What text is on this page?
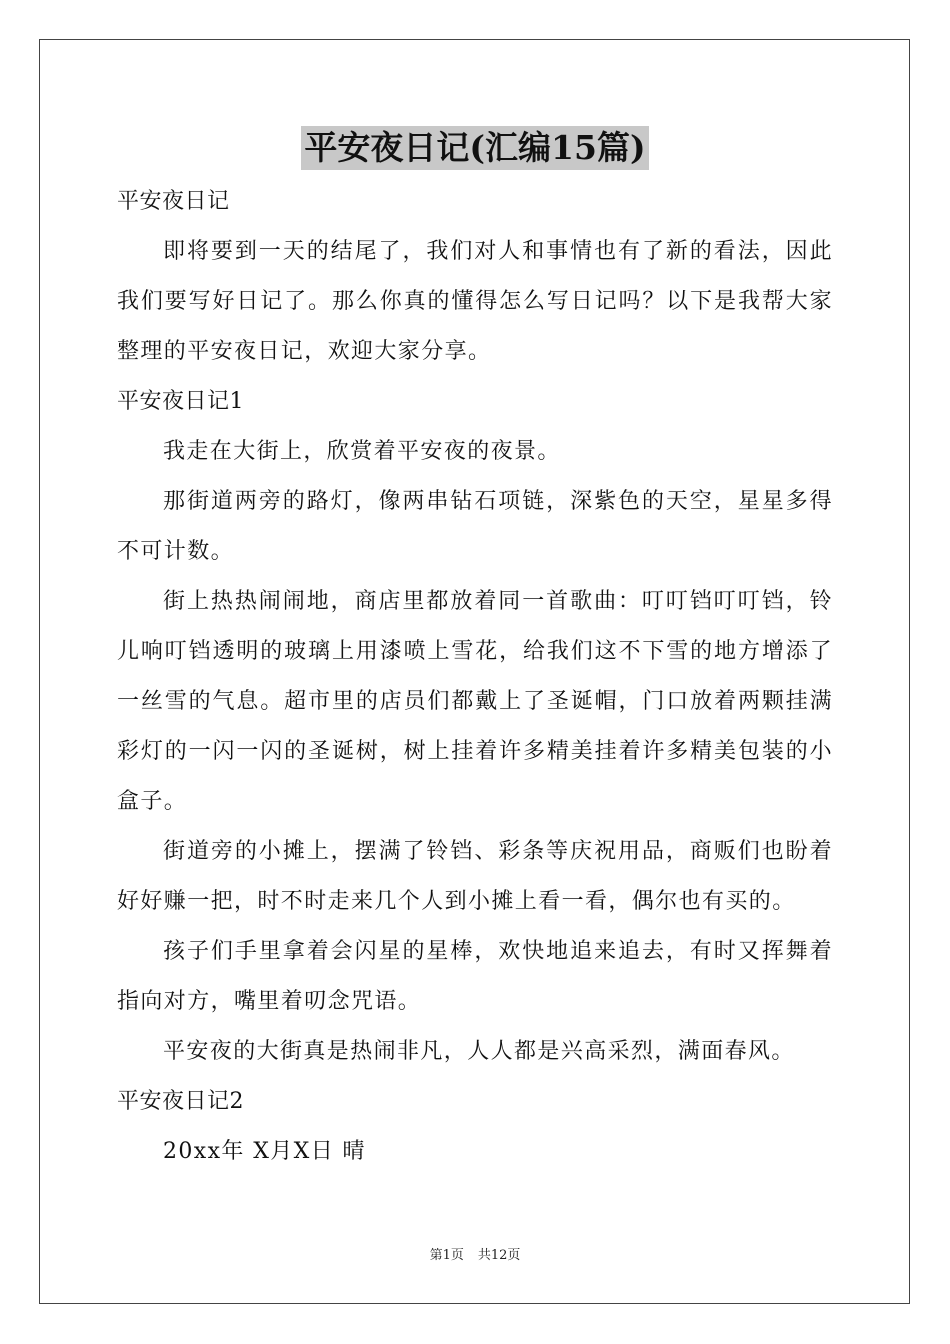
平安夜日记(汇编15篇)

平安夜日记

即将要到一天的结尾了，我们对人和事情也有了新的看法，因此我们要写好日记了。那么你真的懂得怎么写日记吗？以下是我帮大家整理的平安夜日记，欢迎大家分享。

平安夜日记1

我走在大街上，欣赏着平安夜的夜景。

那街道两旁的路灯，像两串钻石项链，深紫色的天空，星星多得不可计数。

街上热热闹闹地，商店里都放着同一首歌曲：叮叮铛叮叮铛，铃儿响叮铛透明的玻璃上用漆喷上雪花，给我们这不下雪的地方增添了一丝雪的气息。超市里的店员们都戴上了圣诞帽，门口放着两颗挂满彩灯的一闪一闪的圣诞树，树上挂着许多精美挂着许多精美包装的小盒子。

街道旁的小摊上，摆满了铃铛、彩条等庆祝用品，商贩们也盼着好好赚一把，时不时走来几个人到小摊上看一看，偶尔也有买的。

孩子们手里拿着会闪星的星棒，欢快地追来追去，有时又挥舞着指向对方，嘴里着叨念咒语。

平安夜的大街真是热闹非凡，人人都是兴高采烈，满面春风。

平安夜日记2

20xx年 X月X日 晴

第1页 共12页
